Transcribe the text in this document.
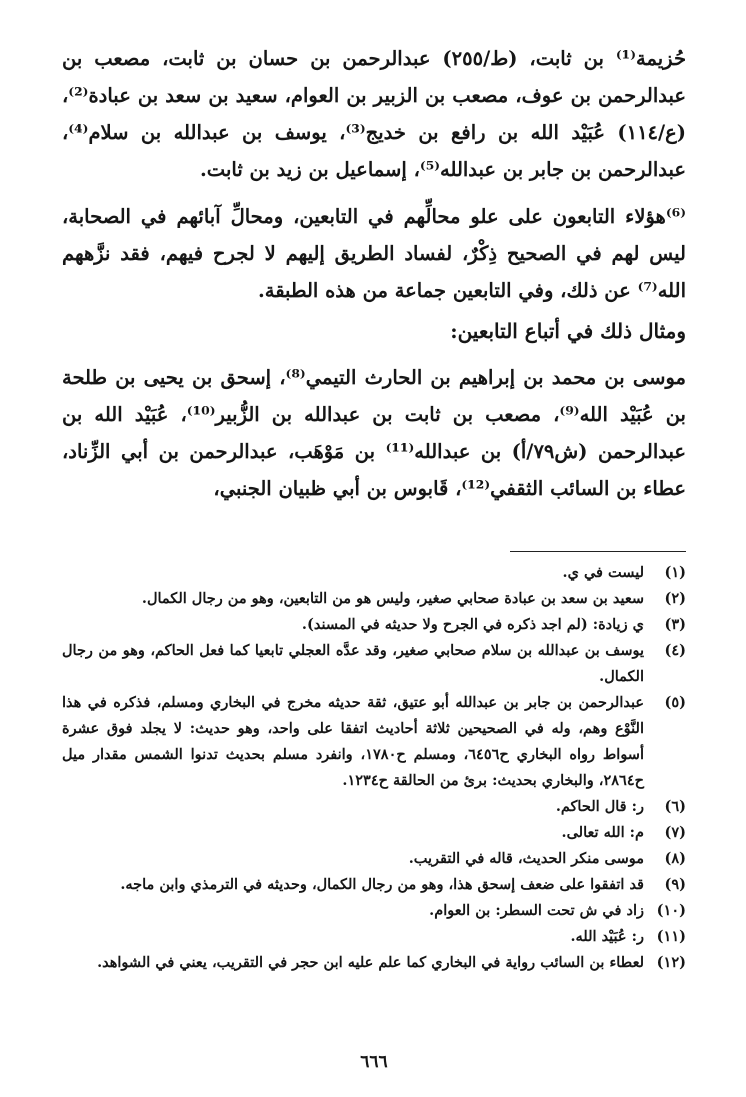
حُزيمة⁽¹⁾ بن ثابت، (ط/٢٥٥) عبدالرحمن بن حسان بن ثابت، مصعب بن عبدالرحمن بن عوف، مصعب بن الزبير بن العوام، سعيد بن سعد بن عبادة⁽²⁾، (ع/١١٤) عُبَيْد الله بن رافع بن خديج⁽³⁾، يوسف بن عبدالله بن سلام⁽⁴⁾، عبدالرحمن بن جابر بن عبدالله⁽⁵⁾، إسماعيل بن زيد بن ثابت.

⁽⁶⁾هؤلاء التابعون على علو محالِّهم في التابعين، ومحالِّ آبائهم في الصحابة، ليس لهم في الصحيح ذِكْرٌ، لفساد الطريق إليهم لا لجرح فيهم، فقد نزَّههم الله⁽⁷⁾ عن ذلك، وفي التابعين جماعة من هذه الطبقة.

ومثال ذلك في أتباع التابعين:

موسى بن محمد بن إبراهيم بن الحارث التيمي⁽⁸⁾، إسحق بن يحيى بن طلحة بن عُبَيْد الله⁽⁹⁾، مصعب بن ثابت بن عبدالله بن الزُّبير⁽¹⁰⁾، عُبَيْد الله بن عبدالرحمن (ش٧٩/أ) بن عبدالله⁽¹¹⁾ بن مَوْهَب، عبدالرحمن بن أبي الزِّناد، عطاء بن السائب الثقفي⁽¹²⁾، قَابوس بن أبي ظبيان الجنبي،

(١)
ليست في ي.
(٢)
سعيد بن سعد بن عبادة صحابي صغير، وليس هو من التابعين، وهو من رجال الكمال.
(٣)
ي زيادة: (لم اجد ذكره في الجرح ولا حديثه في المسند).
(٤)
يوسف بن عبدالله بن سلام صحابي صغير، وقد عدَّه العجلي تابعيا كما فعل الحاكم، وهو من رجال الكمال.
(٥)
عبدالرحمن بن جابر بن عبدالله أبو عتيق، ثقة حديثه مخرج في البخاري ومسلم، فذكره في هذا النَّوْع وهم، وله في الصحيحين ثلاثة أحاديث اتفقا على واحد، وهو حديث: لا يجلد فوق عشرة أسواط رواه البخاري ح٦٤٥٦، ومسلم ح١٧٨٠، وانفرد مسلم بحديث تدنوا الشمس مقدار ميل ح٢٨٦٤، والبخاري بحديث: برئ من الحالقة ح١٢٣٤.
(٦)
ر: قال الحاكم.
(٧)
م: الله تعالى.
(٨)
موسى منكر الحديث، قاله في التقريب.
(٩)
قد اتفقوا على ضعف إسحق هذا، وهو من رجال الكمال، وحديثه في الترمذي وابن ماجه.
(١٠)
زاد في ش تحت السطر: بن العوام.
(١١)
ر: عُبَيْد الله.
(١٢)
لعطاء بن السائب رواية في البخاري كما علم عليه ابن حجر في التقريب، يعني في الشواهد.
٦٦٦
